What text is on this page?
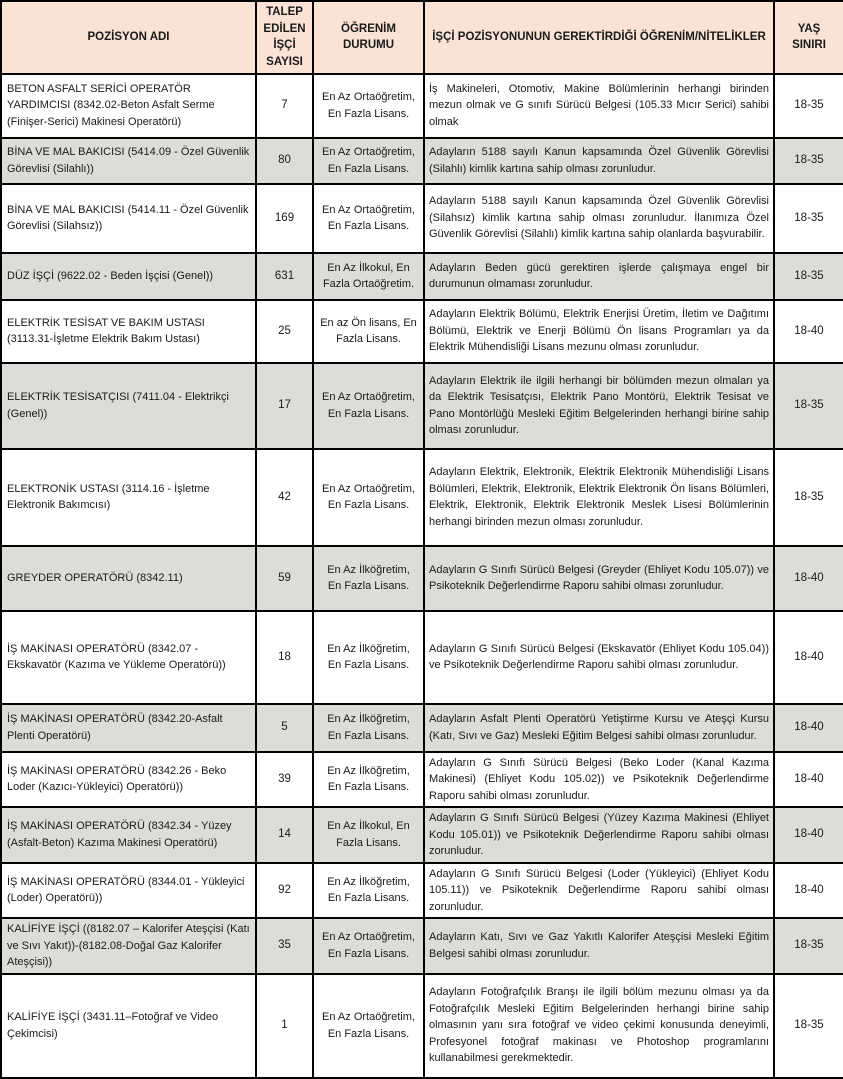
POZİSYON ADI	TALEP EDİLEN İŞÇİ SAYISI	ÖĞRENİM DURUMU	İŞÇİ POZİSYONUNUN GEREKTİRDİĞİ ÖĞRENİM/NİTELİKLER	YAŞ SINIRI
BETON ASFALT SERİCİ OPERATÖR YARDIMCISI (8342.02-Beton Asfalt Serme (Finişer-Serici) Makinesi Operatörü)	7	En Az Ortaöğretim, En Fazla Lisans.	İş Makineleri, Otomotiv, Makine Bölümlerinin herhangi birinden mezun olmak ve G sınıfı Sürücü Belgesi (105.33 Mıcır Serici) sahibi olmak	18-35
BİNA VE MAL BAKICISI (5414.09 - Özel Güvenlik Görevlisi (Silahlı))	80	En Az Ortaöğretim, En Fazla Lisans.	Adayların 5188 sayılı Kanun kapsamında Özel Güvenlik Görevlisi (Silahlı) kimlik kartına sahip olması zorunludur.	18-35
BİNA VE MAL BAKICISI (5414.11 - Özel Güvenlik Görevlisi (Silahsız))	169	En Az Ortaöğretim, En Fazla Lisans.	Adayların 5188 sayılı Kanun kapsamında Özel Güvenlik Görevlisi (Silahsız) kimlik kartına sahip olması zorunludur. İlanımıza Özel Güvenlik Görevlisi (Silahlı) kimlik kartına sahip olanlarda başvurabilir.	18-35
DÜZ İŞÇİ (9622.02 - Beden İşçisi (Genel))	631	En Az İlkokul, En Fazla Ortaöğretim.	Adayların Beden gücü gerektiren işlerde çalışmaya engel bir durumunun olmaması zorunludur.	18-35
ELEKTRİK TESİSAT VE BAKIM USTASI (3113.31-İşletme Elektrik Bakım Ustası)	25	En az Ön lisans, En Fazla Lisans.	Adayların Elektrik Bölümü, Elektrik Enerjisi Üretim, İletim ve Dağıtımı Bölümü, Elektrik ve Enerji Bölümü Ön lisans Programları ya da Elektrik Mühendisliği Lisans mezunu olması zorunludur.	18-40
ELEKTRİK TESİSATÇISI (7411.04 - Elektrikçi (Genel))	17	En Az Ortaöğretim, En Fazla Lisans.	Adayların Elektrik ile ilgili herhangi bir bölümden mezun olmaları ya da Elektrik Tesisatçısı, Elektrik Pano Montörü, Elektrik Tesisat ve Pano Montörlüğü Mesleki Eğitim Belgelerinden herhangi birine sahip olması zorunludur.	18-35
ELEKTRONİK USTASI (3114.16 - İşletme Elektronik Bakımcısı)	42	En Az Ortaöğretim, En Fazla Lisans.	Adayların Elektrik, Elektronik, Elektrik Elektronik Mühendisliği Lisans Bölümleri, Elektrik, Elektronik, Elektrik Elektronik Ön lisans Bölümleri, Elektrik, Elektronik, Elektrik Elektronik Meslek Lisesi Bölümlerinin herhangi birinden mezun olması zorunludur.	18-35
GREYDER OPERATÖRÜ (8342.11)	59	En Az İlköğretim, En Fazla Lisans.	Adayların G Sınıfı Sürücü Belgesi (Greyder (Ehliyet Kodu 105.07)) ve Psikoteknik Değerlendirme Raporu sahibi olması zorunludur.	18-40
İŞ MAKİNASI OPERATÖRÜ (8342.07 - Ekskavatör (Kazıma ve Yükleme Operatörü))	18	En Az İlköğretim, En Fazla Lisans.	Adayların G Sınıfı Sürücü Belgesi (Ekskavatör (Ehliyet Kodu 105.04)) ve Psikoteknik Değerlendirme Raporu sahibi olması zorunludur.	18-40
İŞ MAKİNASI OPERATÖRÜ (8342.20-Asfalt Plenti Operatörü)	5	En Az İlköğretim, En Fazla Lisans.	Adayların Asfalt Plenti Operatörü Yetiştirme Kursu ve Ateşçi Kursu (Katı, Sıvı ve Gaz) Mesleki Eğitim Belgesi sahibi olması zorunludur.	18-40
İŞ MAKİNASI OPERATÖRÜ (8342.26 - Beko Loder (Kazıcı-Yükleyici) Operatörü))	39	En Az İlköğretim, En Fazla Lisans.	Adayların G Sınıfı Sürücü Belgesi (Beko Loder (Kanal Kazıma Makinesi) (Ehliyet Kodu 105.02)) ve Psikoteknik Değerlendirme Raporu sahibi olması zorunludur.	18-40
İŞ MAKİNASI OPERATÖRÜ (8342.34 - Yüzey (Asfalt-Beton) Kazıma Makinesi Operatörü)	14	En Az İlkokul, En Fazla Lisans.	Adayların G Sınıfı Sürücü Belgesi (Yüzey Kazıma Makinesi (Ehliyet Kodu 105.01)) ve Psikoteknik Değerlendirme Raporu sahibi olması zorunludur.	18-40
İŞ MAKİNASI OPERATÖRÜ (8344.01 - Yükleyici (Loder) Operatörü))	92	En Az İlköğretim, En Fazla Lisans.	Adayların G Sınıfı Sürücü Belgesi (Loder (Yükleyici) (Ehliyet Kodu 105.11)) ve Psikoteknik Değerlendirme Raporu sahibi olması zorunludur.	18-40
KALİFİYE İŞÇİ ((8182.07 – Kalorifer Ateşçisi (Katı ve Sıvı Yakıt))-(8182.08-Doğal Gaz Kalorifer Ateşçisi))	35	En Az Ortaöğretim, En Fazla Lisans.	Adayların Katı, Sıvı ve Gaz Yakıtlı Kalorifer Ateşçisi Mesleki Eğitim Belgesi sahibi olması zorunludur.	18-35
KALİFİYE İŞÇİ (3431.11–Fotoğraf ve Video Çekimcisi)	1	En Az Ortaöğretim, En Fazla Lisans.	Adayların Fotoğrafçılık Branşı ile ilgili bölüm mezunu olması ya da Fotoğrafçılık Mesleki Eğitim Belgelerinden herhangi birine sahip olmasının yanı sıra fotoğraf ve video çekimi konusunda deneyimli, Profesyonel fotoğraf makinası ve Photoshop programlarını kullanabilmesi gerekmektedir.	18-35
